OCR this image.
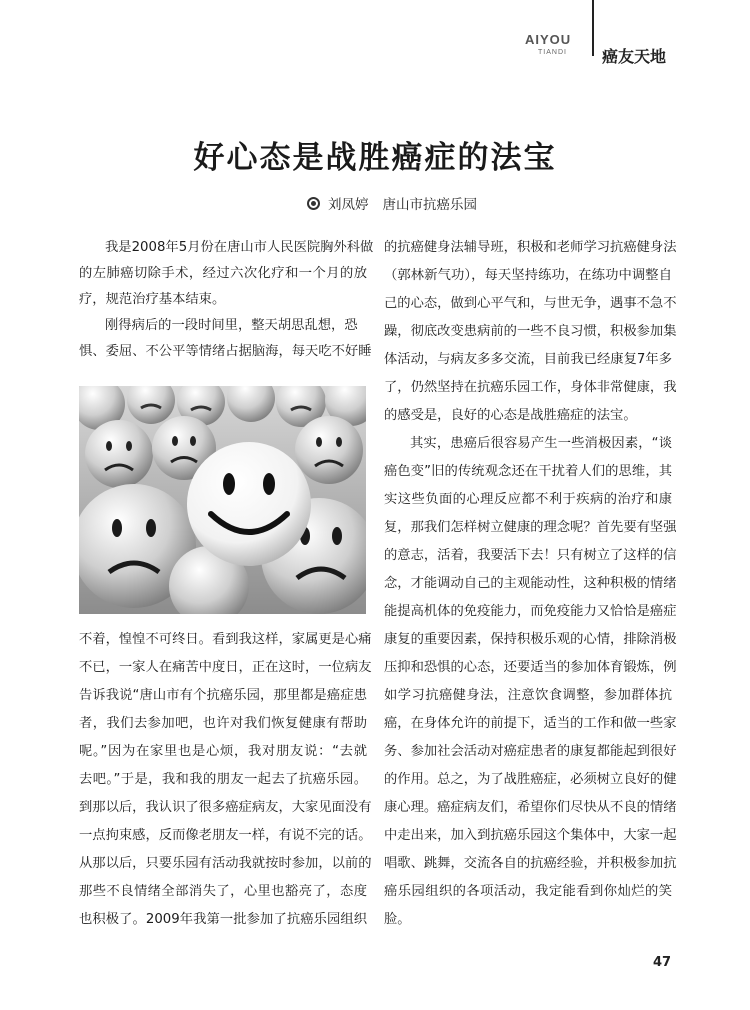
AIYOU
TIANDI 癌友天地
好心态是战胜癌症的法宝
刘凤婷 唐山市抗癌乐园
我是2008年5月份在唐山市人民医院胸外科做
的左肺癌切除手术，经过六次化疗和一个月的放
疗，规范治疗基本结束。
刚得病后的一段时间里，整天胡思乱想，恐
惧、委屈、不公平等情绪占据脑海，每天吃不好睡
不着，惶惶不可终日。看到我这样，家属更是心痛
不已，一家人在痛苦中度日，正在这时，一位病友
告诉我说“唐山市有个抗癌乐园，那里都是癌症患
者，我们去参加吧，也许对我们恢复健康有帮助
呢。”因为在家里也是心烦，我对朋友说：“去就
去吧。”于是，我和我的朋友一起去了抗癌乐园。
到那以后，我认识了很多癌症病友，大家见面没有
一点拘束感，反而像老朋友一样，有说不完的话。
从那以后，只要乐园有活动我就按时参加，以前的
那些不良情绪全部消失了，心里也豁亮了，态度
也积极了。2009年我第一批参加了抗癌乐园组织
的抗癌健身法辅导班，积极和老师学习抗癌健身法
（郭林新气功），每天坚持练功，在练功中调整自
己的心态，做到心平气和，与世无争，遇事不急不
躁，彻底改变患病前的一些不良习惯，积极参加集
体活动，与病友多多交流，目前我已经康复7年多
了，仍然坚持在抗癌乐园工作，身体非常健康，我
的感受是，良好的心态是战胜癌症的法宝。
其实，患癌后很容易产生一些消极因素，“谈
癌色变”旧的传统观念还在干扰着人们的思维，其
实这些负面的心理反应都不利于疾病的治疗和康
复，那我们怎样树立健康的理念呢？首先要有坚强
的意志，活着，我要活下去！只有树立了这样的信
念，才能调动自己的主观能动性，这种积极的情绪
能提高机体的免疫能力，而免疫能力又恰恰是癌症
康复的重要因素，保持积极乐观的心情，排除消极
压抑和恐惧的心态，还要适当的参加体育锻炼，例
如学习抗癌健身法，注意饮食调整，参加群体抗
癌，在身体允许的前提下，适当的工作和做一些家
务、参加社会活动对癌症患者的康复都能起到很好
的作用。总之，为了战胜癌症，必须树立良好的健
康心理。癌症病友们，希望你们尽快从不良的情绪
中走出来，加入到抗癌乐园这个集体中，大家一起
唱歌、跳舞，交流各自的抗癌经验，并积极参加抗
癌乐园组织的各项活动，我定能看到你灿烂的笑
脸。
47
